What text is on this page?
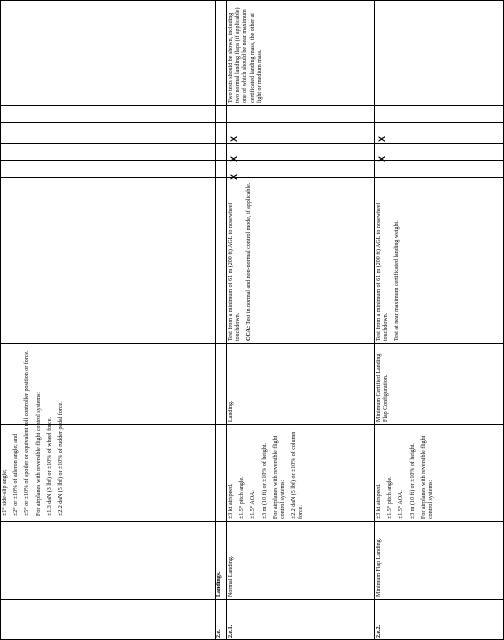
±1° side-slip angle; ±2° or ±10% of aileron angle; and ±5° or ±10% of spoiler or equivalent roll controller position or force. For airplanes with reversible flight control systems: ±1.3 daN (3 lbf) or ±10% of wheel force. ±2.2 daN (5 lbf) or ±10% of rudder pedal force.

2.e.
Landings.
2.e.1.
Normal Landing.

±3 kt airspeed. ±1.5° pitch angle. ±1.5° AOA. ±3 m (10 ft) or ±10% of height. For airplanes with reversible flight control systems: ±2.2 daN (5 lbf) or ±10% of column force.

Landing.

Test from a minimum of 61 m (200 ft) AGL to nosewheel touchdown. CCA: Test in normal and non-normal control mode, if applicable.

X
X
X
Two tests should be shown, including two normal landing flaps (if applicable) one of which should be near maximum certificated landing mass, the other at light or medium mass.
2.e.2.
Minimum Flap Landing.

±3 kt airspeed. ±1.5° pitch angle. ±1.5° AOA. ±3 m (10 ft) or ±10% of height. For airplanes with reversible flight control systems:

Minimum Certified Landing Flap Configuration.

Test from a minimum of 61 m (200 ft) AGL to nosewheel touchdown. Test at near maximum certificated landing weight.

X
X
